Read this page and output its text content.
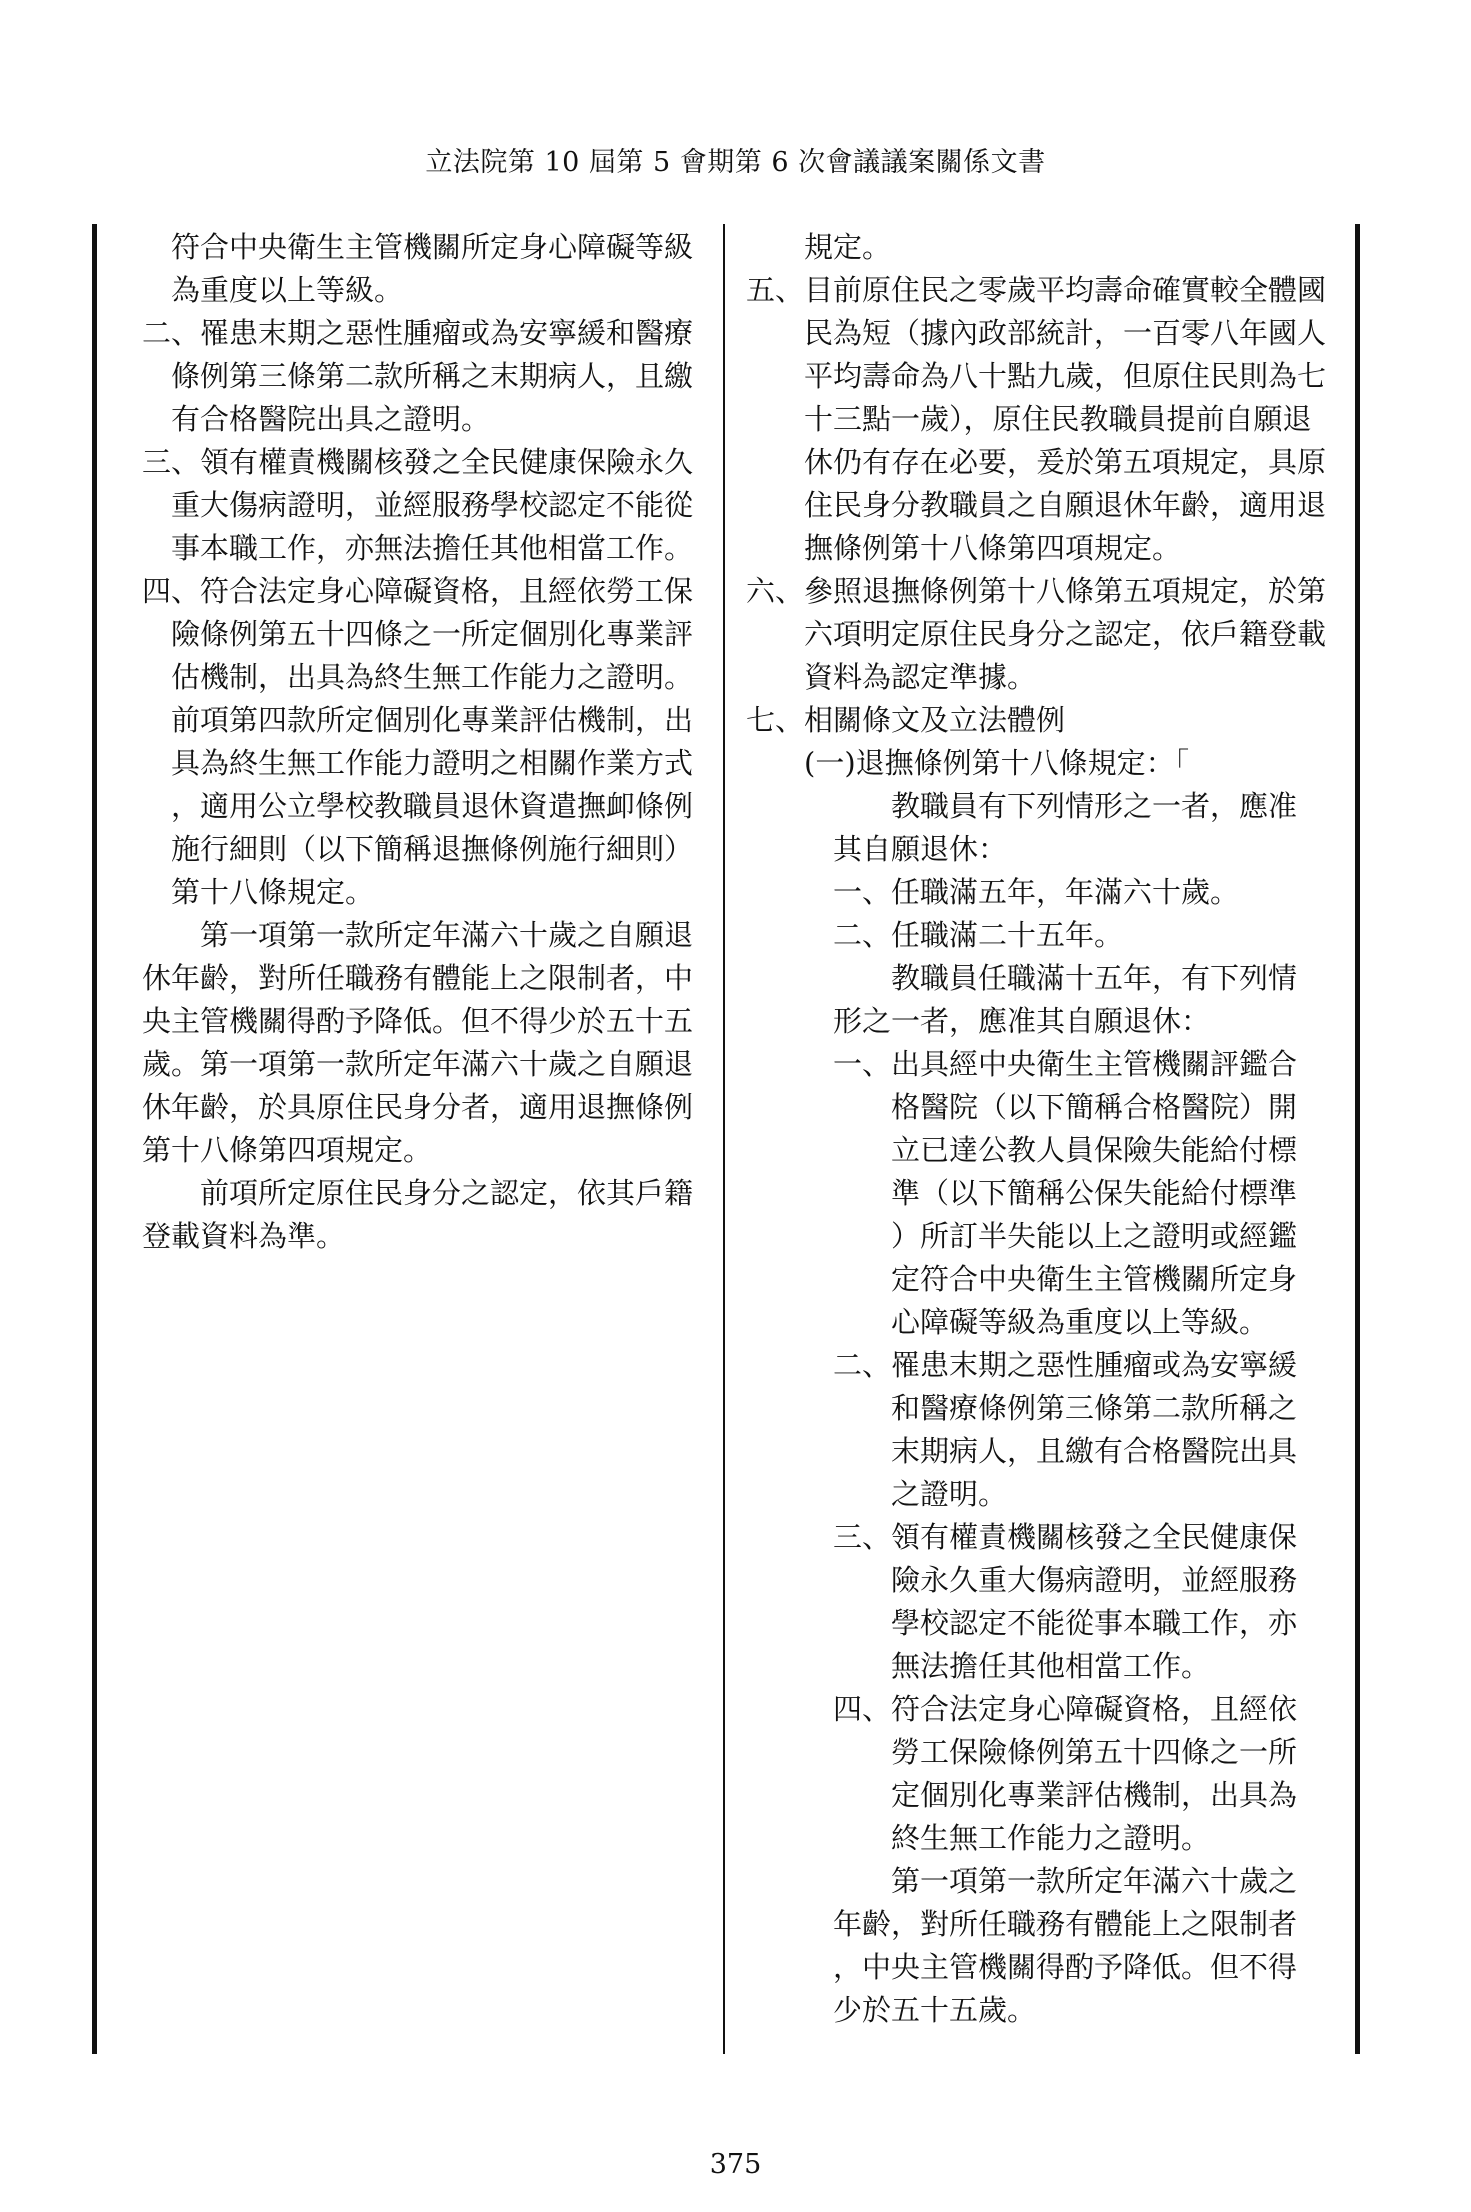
立法院第 10 屆第 5 會期第 6 次會議議案關係文書
　符合中央衛生主管機關所定身心障礙等級
　為重度以上等級。
二、罹患末期之惡性腫瘤或為安寧緩和醫療
　條例第三條第二款所稱之末期病人，且繳
　有合格醫院出具之證明。
三、領有權責機關核發之全民健康保險永久
　重大傷病證明，並經服務學校認定不能從
　事本職工作，亦無法擔任其他相當工作。
四、符合法定身心障礙資格，且經依勞工保
　險條例第五十四條之一所定個別化專業評
　估機制，出具為終生無工作能力之證明。
　前項第四款所定個別化專業評估機制，出
　具為終生無工作能力證明之相關作業方式
　，適用公立學校教職員退休資遣撫卹條例
　施行細則（以下簡稱退撫條例施行細則）
　第十八條規定。
　　第一項第一款所定年滿六十歲之自願退
休年齡，對所任職務有體能上之限制者，中
央主管機關得酌予降低。但不得少於五十五
歲。第一項第一款所定年滿六十歲之自願退
休年齡，於具原住民身分者，適用退撫條例
第十八條第四項規定。
　　前項所定原住民身分之認定，依其戶籍
登載資料為準。
　　規定。
五、目前原住民之零歲平均壽命確實較全體國
　　民為短（據內政部統計，一百零八年國人
　　平均壽命為八十點九歲，但原住民則為七
　　十三點一歲），原住民教職員提前自願退
　　休仍有存在必要，爰於第五項規定，具原
　　住民身分教職員之自願退休年齡，適用退
　　撫條例第十八條第四項規定。
六、參照退撫條例第十八條第五項規定，於第
　　六項明定原住民身分之認定，依戶籍登載
　　資料為認定準據。
七、相關條文及立法體例
　　(一)退撫條例第十八條規定：「
　　　　　教職員有下列情形之一者，應准
　　　其自願退休：
　　　一、任職滿五年，年滿六十歲。
　　　二、任職滿二十五年。
　　　　　教職員任職滿十五年，有下列情
　　　形之一者，應准其自願退休：
　　　一、出具經中央衛生主管機關評鑑合
　　　　　格醫院（以下簡稱合格醫院）開
　　　　　立已達公教人員保險失能給付標
　　　　　準（以下簡稱公保失能給付標準
　　　　　）所訂半失能以上之證明或經鑑
　　　　　定符合中央衛生主管機關所定身
　　　　　心障礙等級為重度以上等級。
　　　二、罹患末期之惡性腫瘤或為安寧緩
　　　　　和醫療條例第三條第二款所稱之
　　　　　末期病人，且繳有合格醫院出具
　　　　　之證明。
　　　三、領有權責機關核發之全民健康保
　　　　　險永久重大傷病證明，並經服務
　　　　　學校認定不能從事本職工作，亦
　　　　　無法擔任其他相當工作。
　　　四、符合法定身心障礙資格，且經依
　　　　　勞工保險條例第五十四條之一所
　　　　　定個別化專業評估機制，出具為
　　　　　終生無工作能力之證明。
　　　　　第一項第一款所定年滿六十歲之
　　　年齡，對所任職務有體能上之限制者
　　　，中央主管機關得酌予降低。但不得
　　　少於五十五歲。
375
